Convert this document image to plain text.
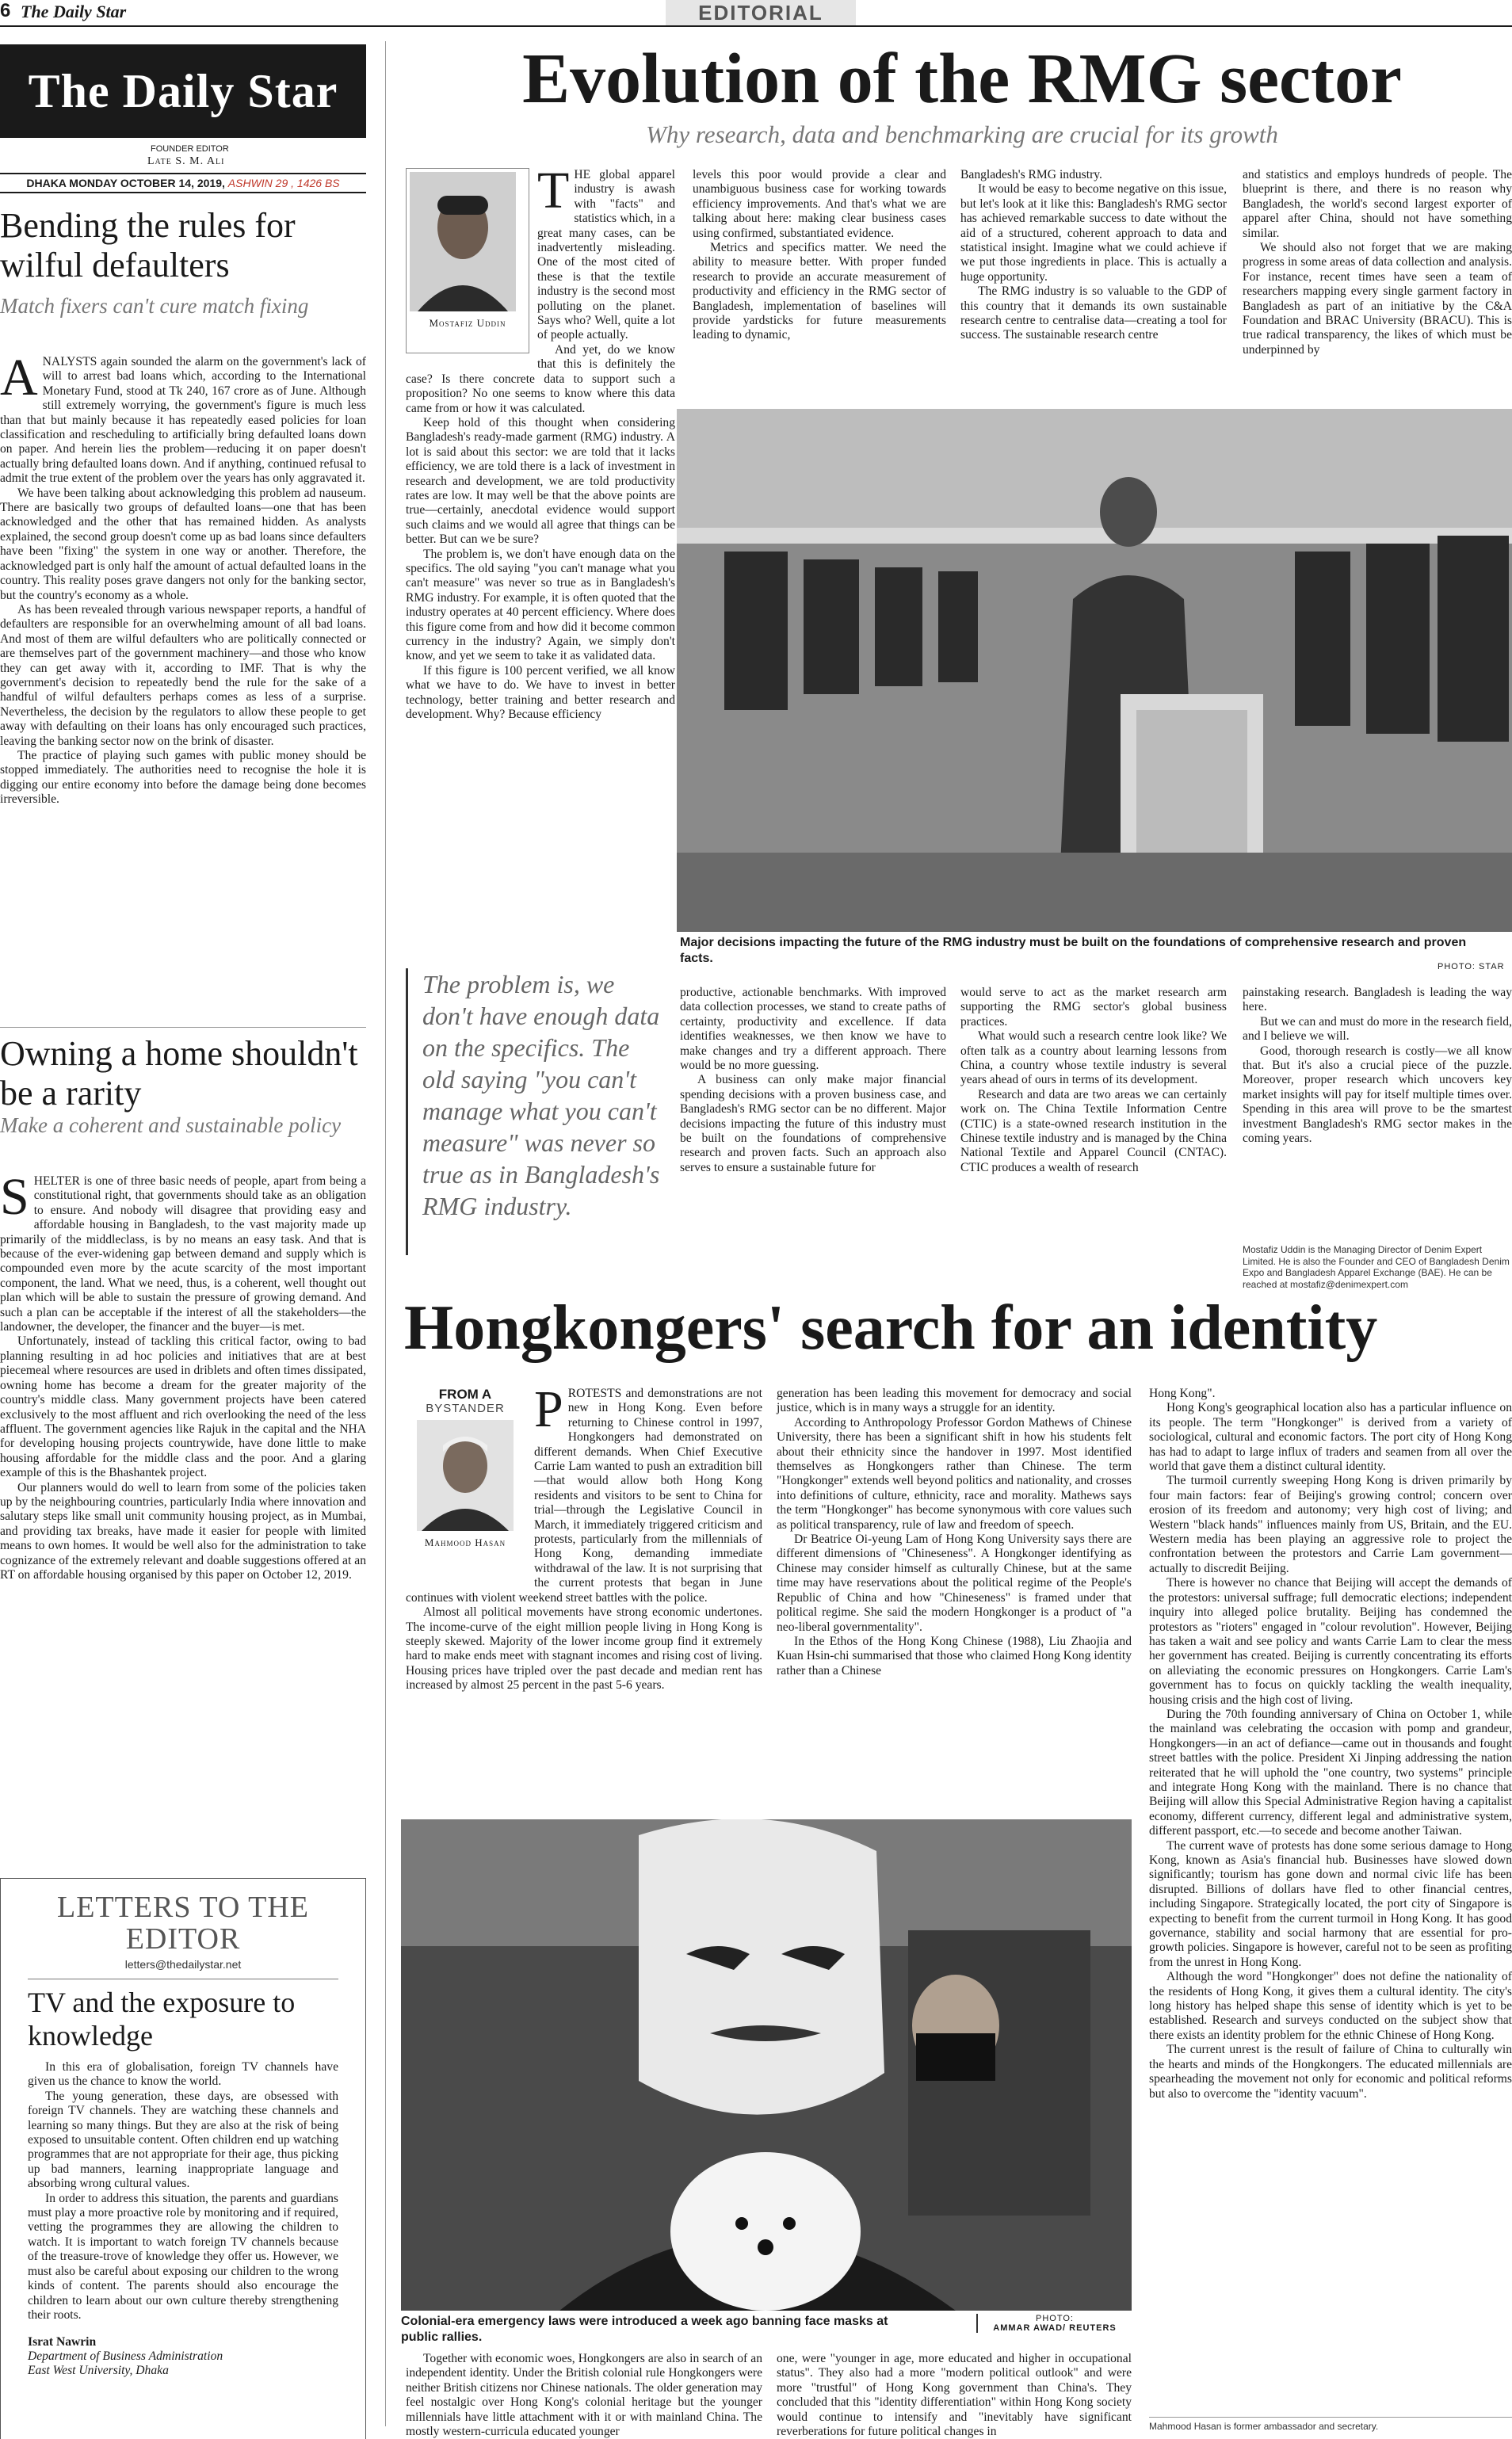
6 The Daily Star	EDITORIAL
The Daily Star
FOUNDER EDITOR
Late S. M. Ali
DHAKA MONDAY OCTOBER 14, 2019, ASHWIN 29 , 1426 BS
Bending the rules for wilful defaulters
Match fixers can't cure match fixing

ANALYSTS again sounded the alarm on the government's lack of will to arrest bad loans which, according to the International Monetary Fund, stood at Tk 240, 167 crore as of June. Although still extremely worrying, the government's figure is much less than that but mainly because it has repeatedly eased policies for loan classification and rescheduling to artificially bring defaulted loans down on paper. And herein lies the problem—reducing it on paper doesn't actually bring defaulted loans down. And if anything, continued refusal to admit the true extent of the problem over the years has only aggravated it.

We have been talking about acknowledging this problem ad nauseum. There are basically two groups of defaulted loans—one that has been acknowledged and the other that has remained hidden. As analysts explained, the second group doesn't come up as bad loans since defaulters have been "fixing" the system in one way or another. Therefore, the acknowledged part is only half the amount of actual defaulted loans in the country. This reality poses grave dangers not only for the banking sector, but the country's economy as a whole.

As has been revealed through various newspaper reports, a handful of defaulters are responsible for an overwhelming amount of all bad loans. And most of them are wilful defaulters who are politically connected or are themselves part of the government machinery—and those who know they can get away with it, according to IMF. That is why the government's decision to repeatedly bend the rule for the sake of a handful of wilful defaulters perhaps comes as less of a surprise. Nevertheless, the decision by the regulators to allow these people to get away with defaulting on their loans has only encouraged such practices, leaving the banking sector now on the brink of disaster.

The practice of playing such games with public money should be stopped immediately. The authorities need to recognise the hole it is digging our entire economy into before the damage being done becomes irreversible.

Owning a home shouldn't be a rarity
Make a coherent and sustainable policy

SHELTER is one of three basic needs of people, apart from being a constitutional right, that governments should take as an obligation to ensure. And nobody will disagree that providing easy and affordable housing in Bangladesh, to the vast majority made up primarily of the middleclass, is by no means an easy task. And that is because of the ever-widening gap between demand and supply which is compounded even more by the acute scarcity of the most important component, the land. What we need, thus, is a coherent, well thought out plan which will be able to sustain the pressure of growing demand. And such a plan can be acceptable if the interest of all the stakeholders—the landowner, the developer, the financer and the buyer—is met.

Unfortunately, instead of tackling this critical factor, owing to bad planning resulting in ad hoc policies and initiatives that are at best piecemeal where resources are used in driblets and often times dissipated, owning home has become a dream for the greater majority of the country's middle class. Many government projects have been catered exclusively to the most affluent and rich overlooking the need of the less affluent. The government agencies like Rajuk in the capital and the NHA for developing housing projects countrywide, have done little to make housing affordable for the middle class and the poor. And a glaring example of this is the Bhashantek project.

Our planners would do well to learn from some of the policies taken up by the neighbouring countries, particularly India where innovation and salutary steps like small unit community housing project, as in Mumbai, and providing tax breaks, have made it easier for people with limited means to own homes. It would be well also for the administration to take cognizance of the extremely relevant and doable suggestions offered at an RT on affordable housing organised by this paper on October 12, 2019.

LETTERS TO THE EDITOR
letters@thedailystar.net
TV and the exposure to knowledge

In this era of globalisation, foreign TV channels have given us the chance to know the world.

The young generation, these days, are obsessed with foreign TV channels. They are watching these channels and learning so many things. But they are also at the risk of being exposed to unsuitable content. Often children end up watching programmes that are not appropriate for their age, thus picking up bad manners, learning inappropriate language and absorbing wrong cultural values.

In order to address this situation, the parents and guardians must play a more proactive role by monitoring and if required, vetting the programmes they are allowing the children to watch. It is important to watch foreign TV channels because of the treasure-trove of knowledge they offer us. However, we must also be careful about exposing our children to the wrong kinds of content. The parents should also encourage the children to learn about our own culture thereby strengthening their roots.

Israt Nawrin
Department of Business Administration
East West University, Dhaka
Evolution of the RMG sector
Why research, data and benchmarking are crucial for its growth
Mostafiz Uddin

THE global apparel industry is awash with "facts" and statistics which, in a great many cases, can be inadvertently misleading. One of the most cited of these is that the textile industry is the second most polluting on the planet. Says who? Well, quite a lot of people actually.

And yet, do we know that this is definitely the case? Is there concrete data to support such a proposition? No one seems to know where this data came from or how it was calculated.

Keep hold of this thought when considering Bangladesh's ready-made garment (RMG) industry. A lot is said about this sector: we are told that it lacks efficiency, we are told there is a lack of investment in research and development, we are told productivity rates are low. It may well be that the above points are true—certainly, anecdotal evidence would support such claims and we would all agree that things can be better. But can we be sure?

The problem is, we don't have enough data on the specifics. The old saying "you can't manage what you can't measure" was never so true as in Bangladesh's RMG industry. For example, it is often quoted that the industry operates at 40 percent efficiency. Where does this figure come from and how did it become common currency in the industry? Again, we simply don't know, and yet we seem to take it as validated data.

If this figure is 100 percent verified, we all know what we have to do. We have to invest in better technology, better training and better research and development. Why? Because efficiency

levels this poor would provide a clear and unambiguous business case for working towards efficiency improvements. And that's what we are talking about here: making clear business cases using confirmed, substantiated evidence.

Metrics and specifics matter. We need the ability to measure better. With proper funded research to provide an accurate measurement of productivity and efficiency in the RMG sector of Bangladesh, implementation of baselines will provide yardsticks for future measurements leading to dynamic,

Bangladesh's RMG industry.

It would be easy to become negative on this issue, but let's look at it like this: Bangladesh's RMG sector has achieved remarkable success to date without the aid of a structured, coherent approach to data and statistical insight. Imagine what we could achieve if we put those ingredients in place. This is actually a huge opportunity.

The RMG industry is so valuable to the GDP of this country that it demands its own sustainable research centre to centralise data—creating a tool for success. The sustainable research centre

and statistics and employs hundreds of people. The blueprint is there, and there is no reason why Bangladesh, the world's second largest exporter of apparel after China, should not have something similar.

We should also not forget that we are making progress in some areas of data collection and analysis. For instance, recent times have seen a team of researchers mapping every single garment factory in Bangladesh as part of an initiative by the C&A Foundation and BRAC University (BRACU). This is true radical transparency, the likes of which must be underpinned by

Major decisions impacting the future of the RMG industry must be built on the foundations of comprehensive research and proven facts.
PHOTO: STAR
The problem is, we don't have enough data on the specifics. The old saying "you can't manage what you can't measure" was never so true as in Bangladesh's RMG industry.

productive, actionable benchmarks. With improved data collection processes, we stand to create paths of certainty, productivity and excellence. If data identifies weaknesses, we then know we have to make changes and try a different approach. There would be no more guessing.

A business can only make major financial spending decisions with a proven business case, and Bangladesh's RMG sector can be no different. Major decisions impacting the future of this industry must be built on the foundations of comprehensive research and proven facts. Such an approach also serves to ensure a sustainable future for

would serve to act as the market research arm supporting the RMG sector's global business practices.

What would such a research centre look like? We often talk as a country about learning lessons from China, a country whose textile industry is several years ahead of ours in terms of its development.

Research and data are two areas we can certainly work on. The China Textile Information Centre (CTIC) is a state-owned research institution in the Chinese textile industry and is managed by the China National Textile and Apparel Council (CNTAC). CTIC produces a wealth of research

painstaking research. Bangladesh is leading the way here.

But we can and must do more in the research field, and I believe we will.

Good, thorough research is costly—we all know that. But it's also a crucial piece of the puzzle. Moreover, proper research which uncovers key market insights will pay for itself multiple times over. Spending in this area will prove to be the smartest investment Bangladesh's RMG sector makes in the coming years.

Mostafiz Uddin is the Managing Director of Denim Expert Limited. He is also the Founder and CEO of Bangladesh Denim Expo and Bangladesh Apparel Exchange (BAE). He can be reached at mostafiz@denimexpert.com
Hongkongers' search for an identity
FROM A
BYSTANDER
Mahmood Hasan

PROTESTS and demonstrations are not new in Hong Kong. Even before returning to Chinese control in 1997, Hongkongers had demonstrated on different demands. When Chief Executive Carrie Lam wanted to push an extradition bill—that would allow both Hong Kong residents and visitors to be sent to China for trial—through the Legislative Council in March, it immediately triggered criticism and protests, particularly from the millennials of Hong Kong, demanding immediate withdrawal of the law. It is not surprising that the current protests that began in June continues with violent weekend street battles with the police.

Almost all political movements have strong economic undertones. The income-curve of the eight million people living in Hong Kong is steeply skewed. Majority of the lower income group find it extremely hard to make ends meet with stagnant incomes and rising cost of living. Housing prices have tripled over the past decade and median rent has increased by almost 25 percent in the past 5-6 years.

generation has been leading this movement for democracy and social justice, which is in many ways a struggle for an identity.

According to Anthropology Professor Gordon Mathews of Chinese University, there has been a significant shift in how his students felt about their ethnicity since the handover in 1997. Most identified themselves as Hongkongers rather than Chinese. The term "Hongkonger" extends well beyond politics and nationality, and crosses into definitions of culture, ethnicity, race and morality. Mathews says the term "Hongkonger" has become synonymous with core values such as political transparency, rule of law and freedom of speech.

Dr Beatrice Oi-yeung Lam of Hong Kong University says there are different dimensions of "Chineseness". A Hongkonger identifying as Chinese may consider himself as culturally Chinese, but at the same time may have reservations about the political regime of the People's Republic of China and how "Chineseness" is framed under that political regime. She said the modern Hongkonger is a product of "a neo-liberal governmentality".

In the Ethos of the Hong Kong Chinese (1988), Liu Zhaojia and Kuan Hsin-chi summarised that those who claimed Hong Kong identity rather than a Chinese

Hong Kong".

Hong Kong's geographical location also has a particular influence on its people. The term "Hongkonger" is derived from a variety of sociological, cultural and economic factors. The port city of Hong Kong has had to adapt to large influx of traders and seamen from all over the world that gave them a distinct cultural identity.

The turmoil currently sweeping Hong Kong is driven primarily by four main factors: fear of Beijing's growing control; concern over erosion of its freedom and autonomy; very high cost of living; and Western "black hands" influences mainly from US, Britain, and the EU. Western media has been playing an aggressive role to project the confrontation between the protestors and Carrie Lam government—actually to discredit Beijing.

There is however no chance that Beijing will accept the demands of the protestors: universal suffrage; full democratic elections; independent inquiry into alleged police brutality. Beijing has condemned the protestors as "rioters" engaged in "colour revolution". However, Beijing has taken a wait and see policy and wants Carrie Lam to clear the mess her government has created. Beijing is currently concentrating its efforts on alleviating the economic pressures on Hongkongers. Carrie Lam's government has to focus on quickly tackling the wealth inequality, housing crisis and the high cost of living.

During the 70th founding anniversary of China on October 1, while the mainland was celebrating the occasion with pomp and grandeur, Hongkongers—in an act of defiance—came out in thousands and fought street battles with the police. President Xi Jinping addressing the nation reiterated that he will uphold the "one country, two systems" principle and integrate Hong Kong with the mainland. There is no chance that Beijing will allow this Special Administrative Region having a capitalist economy, different currency, different legal and administrative system, different passport, etc.—to secede and become another Taiwan.

The current wave of protests has done some serious damage to Hong Kong, known as Asia's financial hub. Businesses have slowed down significantly; tourism has gone down and normal civic life has been disrupted. Billions of dollars have fled to other financial centres, including Singapore. Strategically located, the port city of Singapore is expecting to benefit from the current turmoil in Hong Kong. It has good governance, stability and social harmony that are essential for pro-growth policies. Singapore is however, careful not to be seen as profiting from the unrest in Hong Kong.

Although the word "Hongkonger" does not define the nationality of the residents of Hong Kong, it gives them a cultural identity. The city's long history has helped shape this sense of identity which is yet to be established. Research and surveys conducted on the subject show that there exists an identity problem for the ethnic Chinese of Hong Kong.

The current unrest is the result of failure of China to culturally win the hearts and minds of the Hongkongers. The educated millennials are spearheading the movement not only for economic and political reforms but also to overcome the "identity vacuum".

Colonial-era emergency laws were introduced a week ago banning face masks at public rallies.
PHOTO:
AMMAR AWAD/ REUTERS

Together with economic woes, Hongkongers are also in search of an independent identity. Under the British colonial rule Hongkongers were neither British citizens nor Chinese nationals. The older generation may feel nostalgic over Hong Kong's colonial heritage but the younger millennials have little attachment with it or with mainland China. The mostly western-curricula educated younger

one, were "younger in age, more educated and higher in occupational status". They also had a more "modern political outlook" and were more "trustful" of Hong Kong government than China's. They concluded that this "identity differentiation" within Hong Kong society would continue to intensify and "inevitably have significant reverberations for future political changes in	Mahmood Hasan is former ambassador and secretary.
